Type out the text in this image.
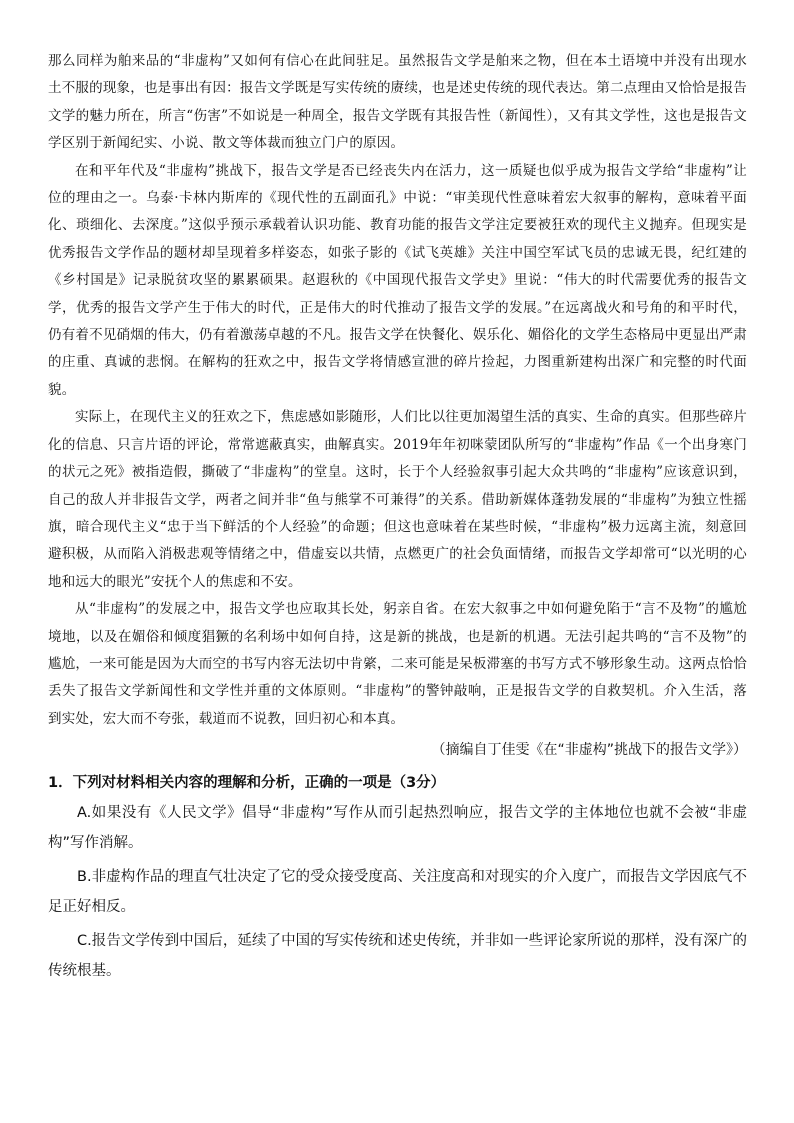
那么同样为舶来品的“非虚构”又如何有信心在此间驻足。虽然报告文学是舶来之物，但在本土语境中并没有出现水土不服的现象，也是事出有因：报告文学既是写实传统的赓续，也是述史传统的现代表达。第二点理由又恰恰是报告文学的魅力所在，所言“伤害”不如说是一种周全，报告文学既有其报告性（新闻性），又有其文学性，这也是报告文学区别于新闻纪实、小说、散文等体裁而独立门户的原因。

在和平年代及“非虚构”挑战下，报告文学是否已经丧失内在活力，这一质疑也似乎成为报告文学给“非虚构”让位的理由之一。乌泰·卡林内斯库的《现代性的五副面孔》中说：“审美现代性意味着宏大叙事的解构，意味着平面化、琐细化、去深度。”这似乎预示承载着认识功能、教育功能的报告文学注定要被狂欢的现代主义抛弃。但现实是优秀报告文学作品的题材却呈现着多样姿态，如张子影的《试飞英雄》关注中国空军试飞员的忠诚无畏，纪红建的《乡村国是》记录脱贫攻坚的累累硕果。赵遐秋的《中国现代报告文学史》里说：“伟大的时代需要优秀的报告文学，优秀的报告文学产生于伟大的时代，正是伟大的时代推动了报告文学的发展。”在远离战火和号角的和平时代，仍有着不见硝烟的伟大，仍有着激荡卓越的不凡。报告文学在快餐化、娱乐化、媚俗化的文学生态格局中更显出严肃的庄重、真诚的悲悯。在解构的狂欢之中，报告文学将情感宣泄的碎片捡起，力图重新建构出深广和完整的时代面貌。

实际上，在现代主义的狂欢之下，焦虑感如影随形，人们比以往更加渴望生活的真实、生命的真实。但那些碎片化的信息、只言片语的评论，常常遮蔽真实，曲解真实。2019年年初咪蒙团队所写的“非虚构”作品《一个出身寒门的状元之死》被指造假，撕破了“非虚构”的堂皇。这时，长于个人经验叙事引起大众共鸣的“非虚构”应该意识到，自己的敌人并非报告文学，两者之间并非“鱼与熊掌不可兼得”的关系。借助新媒体蓬勃发展的“非虚构”为独立性摇旗，暗合现代主义“忠于当下鲜活的个人经验”的命题；但这也意味着在某些时候，“非虚构”极力远离主流，刻意回避积极，从而陷入消极悲观等情绪之中，借虚妄以共情，点燃更广的社会负面情绪，而报告文学却常可“以光明的心地和远大的眼光”安抚个人的焦虑和不安。

从“非虚构”的发展之中，报告文学也应取其长处，躬亲自省。在宏大叙事之中如何避免陷于“言不及物”的尴尬境地，以及在媚俗和倾度猖獗的名利场中如何自持，这是新的挑战，也是新的机遇。无法引起共鸣的“言不及物”的尴尬，一来可能是因为大而空的书写内容无法切中肯綮，二来可能是呆板滞塞的书写方式不够形象生动。这两点恰恰丢失了报告文学新闻性和文学性并重的文体原则。“非虚构”的警钟敲响，正是报告文学的自救契机。介入生活，落到实处，宏大而不夸张，载道而不说教，回归初心和本真。

（摘编自丁佳雯《在“非虚构”挑战下的报告文学》）

1．下列对材料相关内容的理解和分析，正确的一项是（3分）

A.如果没有《人民文学》倡导“非虚构”写作从而引起热烈响应，报告文学的主体地位也就不会被“非虚构”写作消解。

B.非虚构作品的理直气壮决定了它的受众接受度高、关注度高和对现实的介入度广，而报告文学因底气不足正好相反。

C.报告文学传到中国后，延续了中国的写实传统和述史传统，并非如一些评论家所说的那样，没有深广的传统根基。
